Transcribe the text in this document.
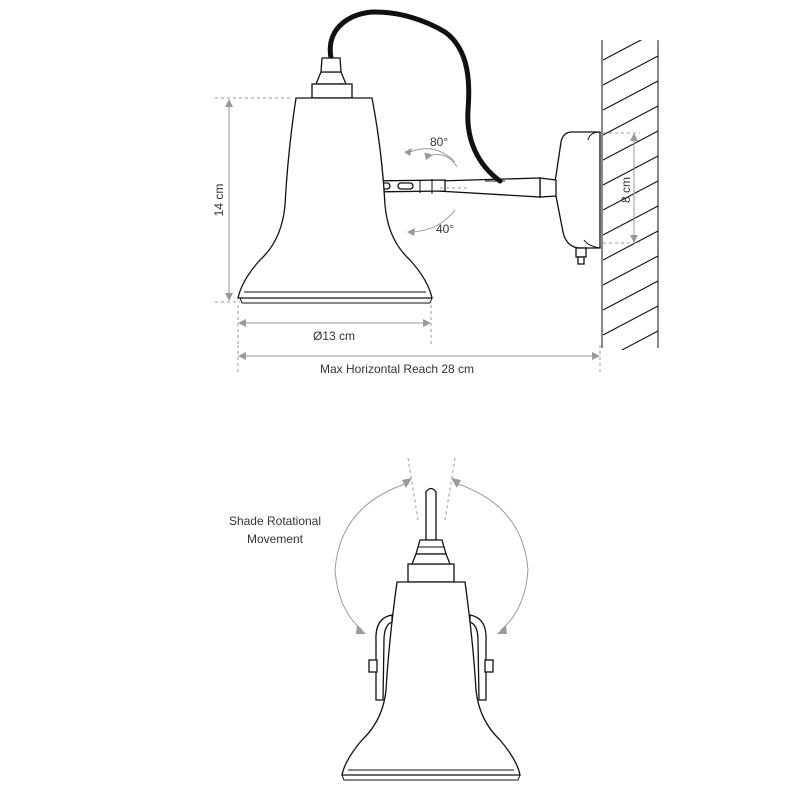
8 cm
80°
40°
14 cm
Ø13 cm
Max Horizontal Reach 28 cm
Shade Rotational
Movement
